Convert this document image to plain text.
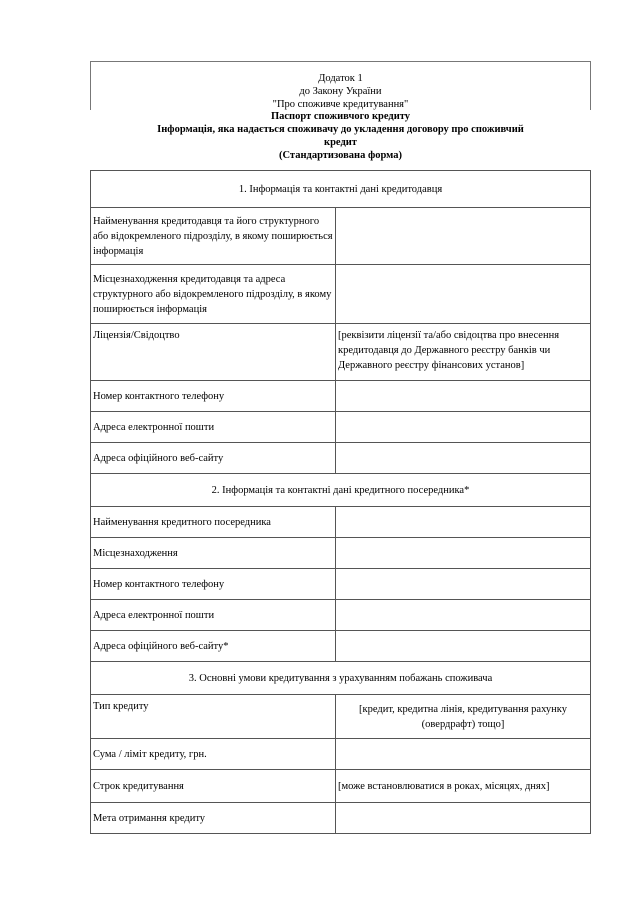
Додаток 1
до Закону України
"Про споживче кредитування"
Паспорт споживчого кредиту
Інформація, яка надається споживачу до укладення договору про споживчий
кредит
(Стандартизована форма)
1. Інформація та контактні дані кредитодавця	
Найменування кредитодавця та його структурного або відокремленого підрозділу, в якому поширюється інформація	
Місцезнаходження кредитодавця та адреса структурного або відокремленого підрозділу, в якому поширюється інформація	
Ліцензія/Свідоцтво	[реквізити ліцензії та/або свідоцтва про внесення кредитодавця до Державного реєстру банків чи Державного реєстру фінансових установ]
Номер контактного телефону	
Адреса електронної пошти	
Адреса офіційного веб-сайту	
2. Інформація та контактні дані кредитного посередника*	
Найменування кредитного посередника	
Місцезнаходження	
Номер контактного телефону	
Адреса електронної пошти	
Адреса офіційного веб-сайту*	
3. Основні умови кредитування з урахуванням побажань споживача	
Тип кредиту	[кредит, кредитна лінія, кредитування рахунку (овердрафт) тощо]
Сума / ліміт кредиту, грн.	
Строк кредитування	[може встановлюватися в роках, місяцях, днях]
Мета отримання кредиту	
